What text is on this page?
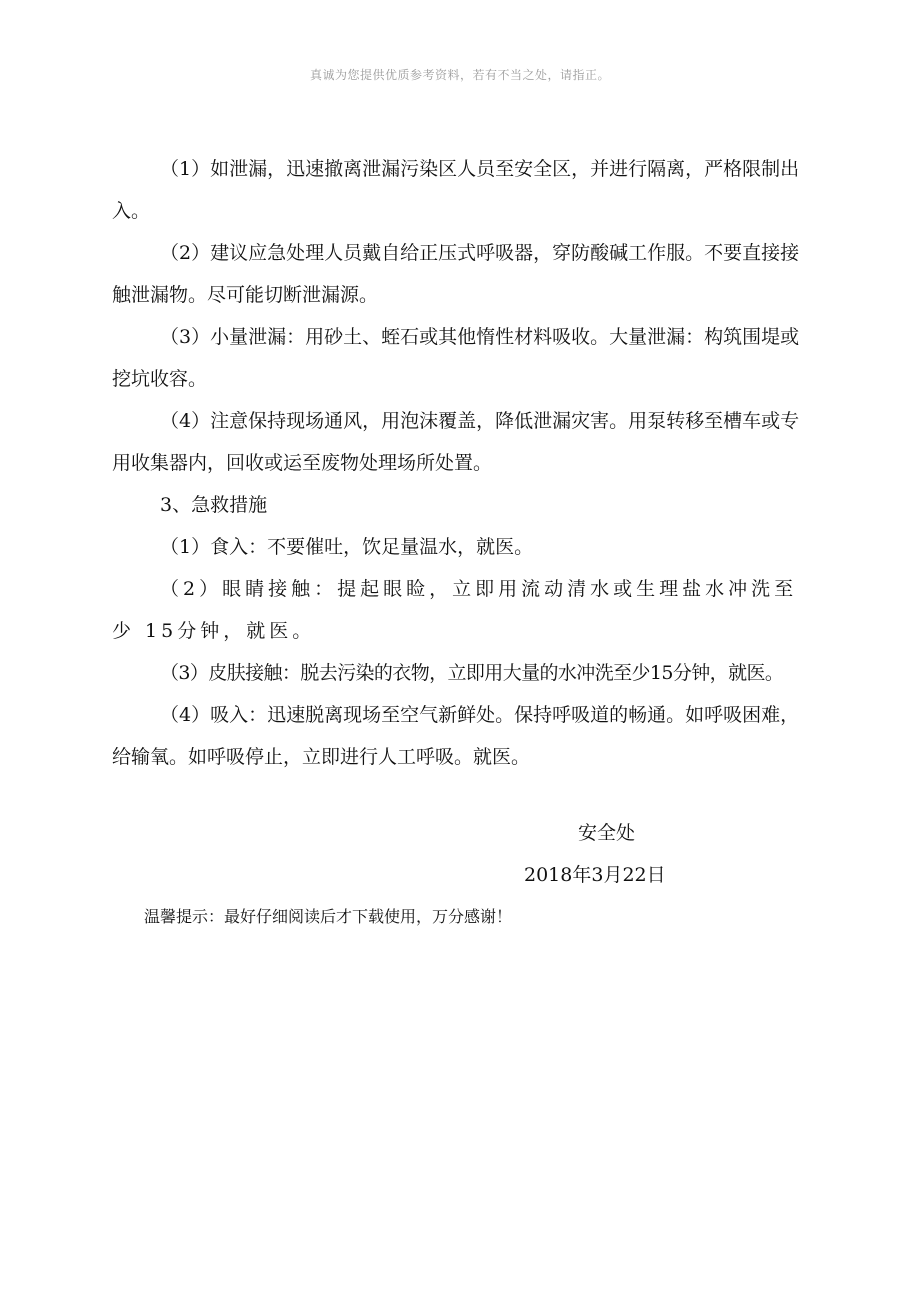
真诚为您提供优质参考资料，若有不当之处，请指正。

（1）如泄漏，迅速撤离泄漏污染区人员至安全区，并进行隔离，严格限制出入。

（2）建议应急处理人员戴自给正压式呼吸器，穿防酸碱工作服。不要直接接触泄漏物。尽可能切断泄漏源。

（3）小量泄漏：用砂土、蛭石或其他惰性材料吸收。大量泄漏：构筑围堤或挖坑收容。

（4）注意保持现场通风，用泡沫覆盖，降低泄漏灾害。用泵转移至槽车或专用收集器内，回收或运至废物处理场所处置。

3、急救措施

（1）食入：不要催吐，饮足量温水，就医。

（2）眼睛接触：提起眼睑，立即用流动清水或生理盐水冲洗至少 15分钟，就医。

（3）皮肤接触：脱去污染的衣物，立即用大量的水冲洗至少15分钟，就医。

（4）吸入：迅速脱离现场至空气新鲜处。保持呼吸道的畅通。如呼吸困难，给输氧。如呼吸停止，立即进行人工呼吸。就医。

安全处
2018年3月22日
温馨提示：最好仔细阅读后才下载使用，万分感谢！
